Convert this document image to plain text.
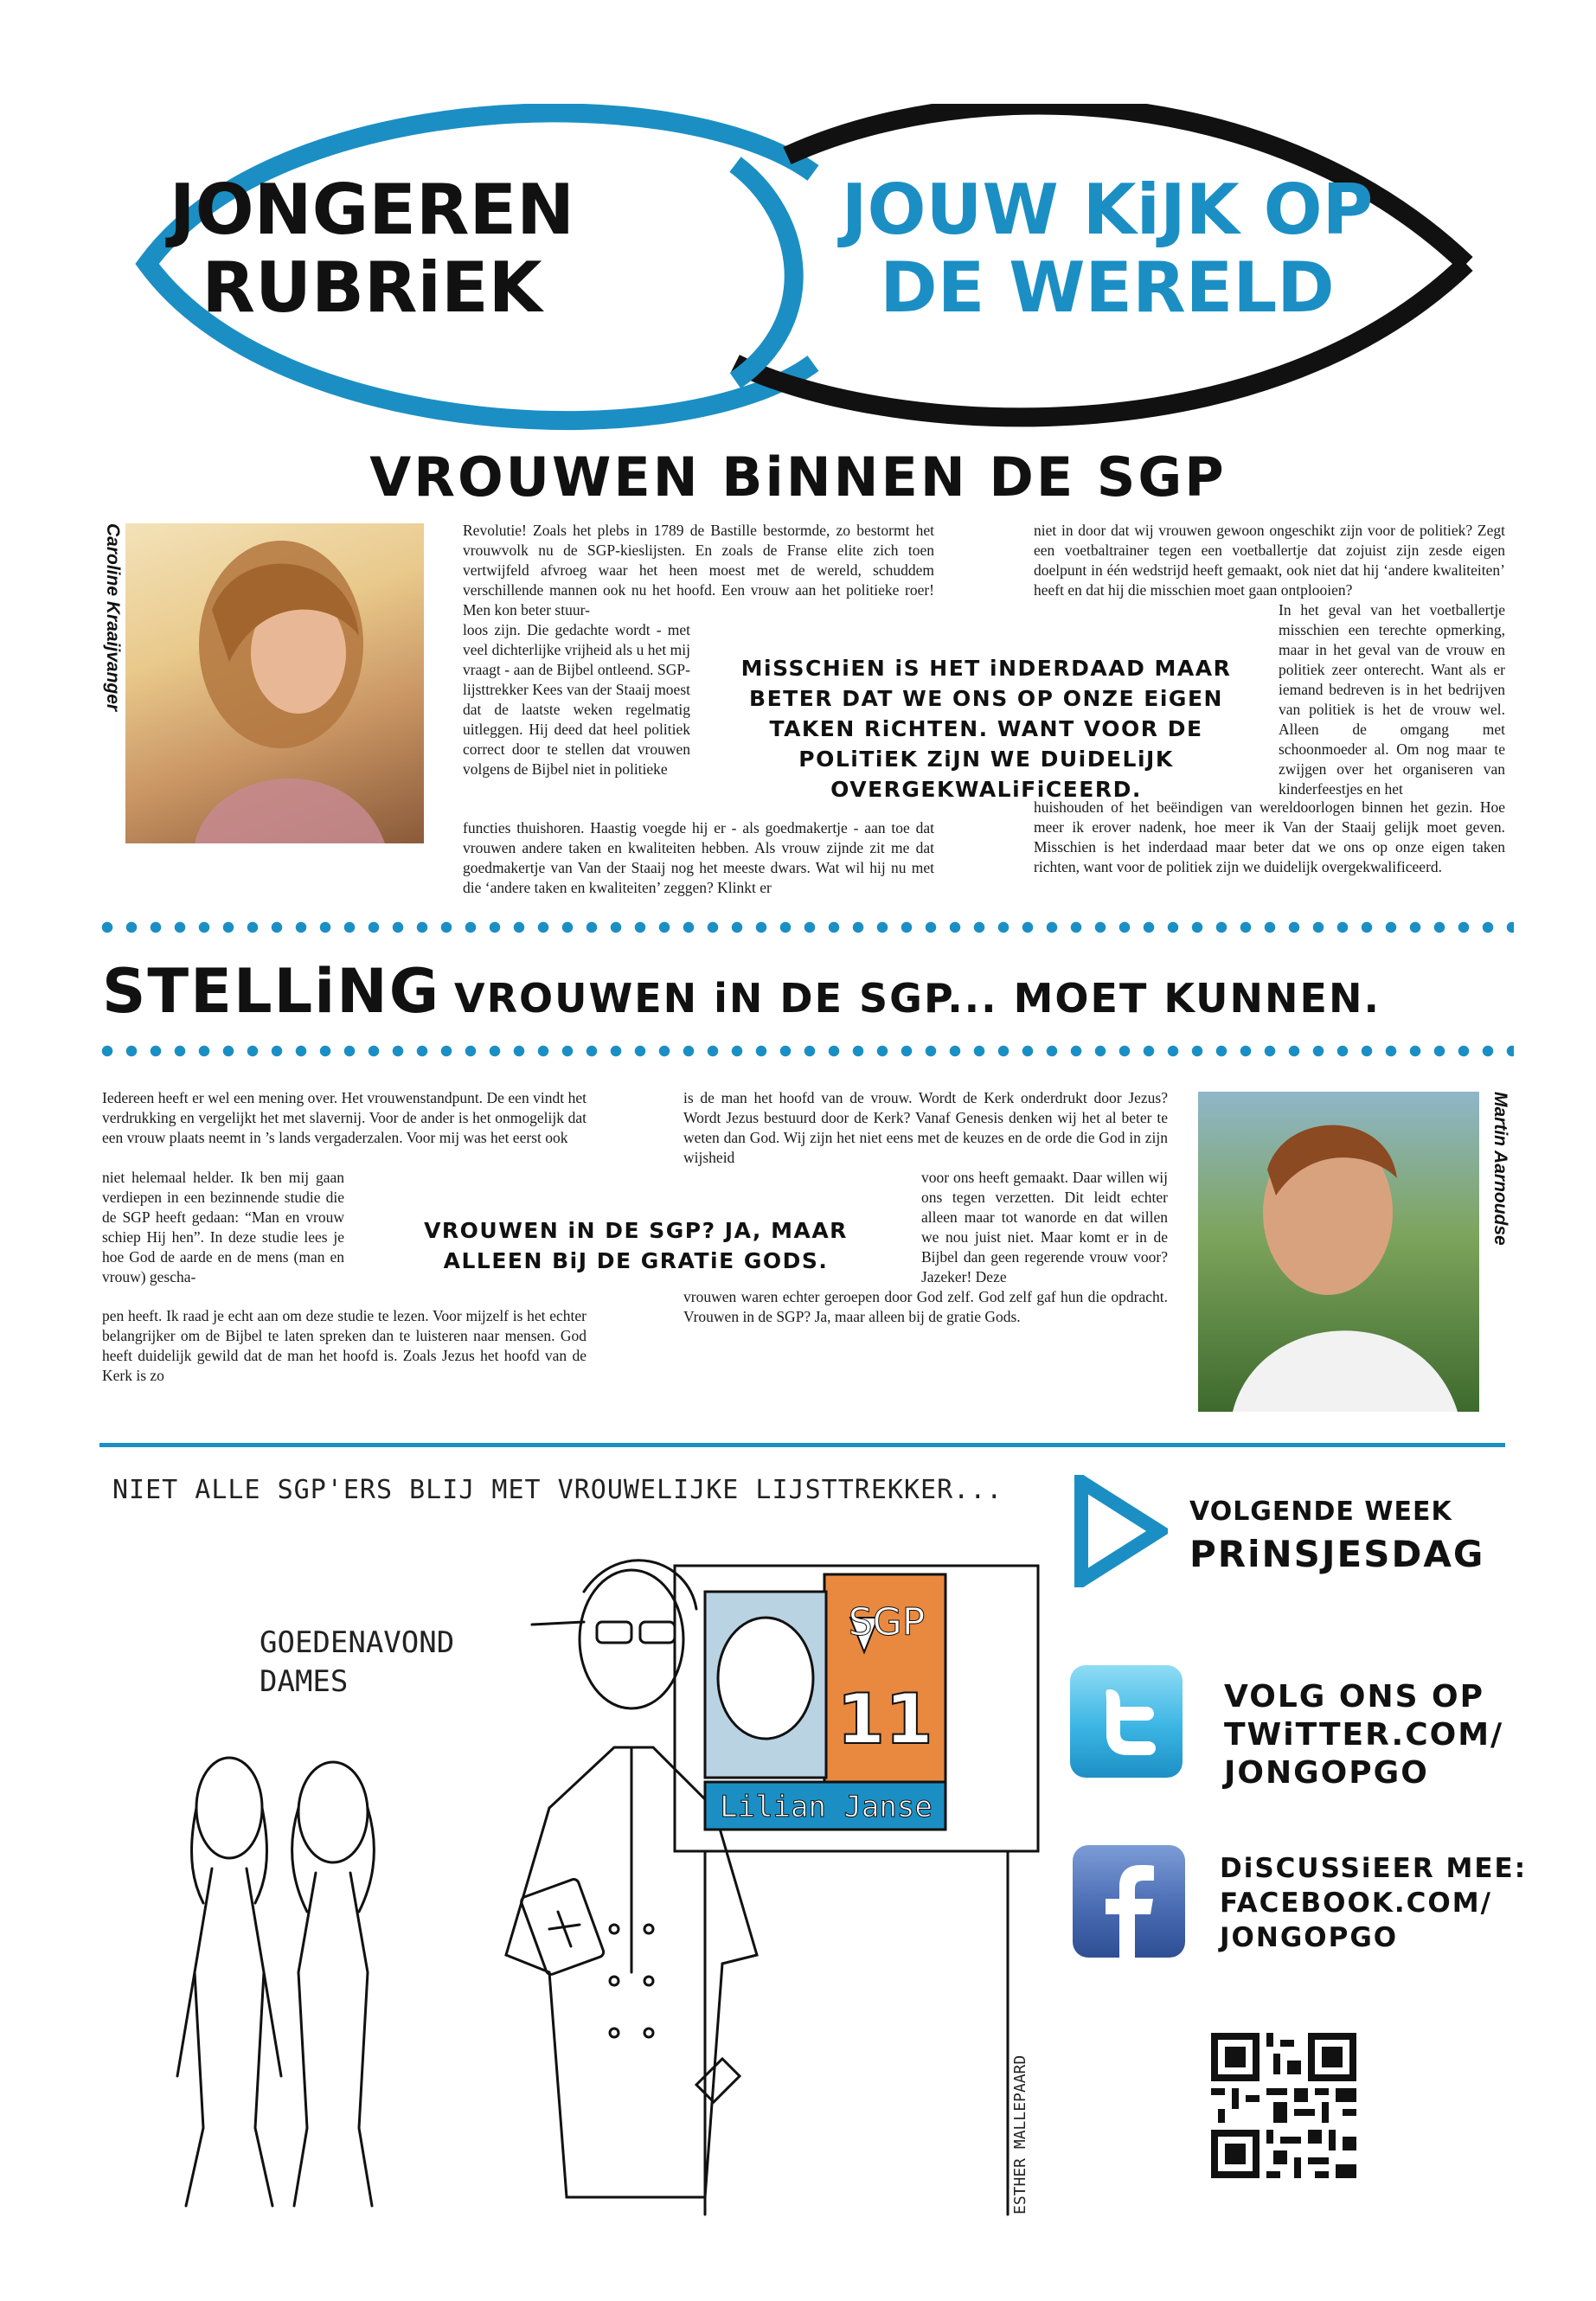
JONGEREN
RUBRiEK
JOUW KiJK OP
DE WERELD
VROUWEN BiNNEN DE SGP
Caroline Kraaijvanger	Revolutie! Zoals het plebs in 1789 de Bastille bestormde, zo bestormt het vrouwvolk nu de SGP-kieslijsten. En zoals de Franse elite zich toen vertwijfeld afvroeg waar het heen moest met de wereld, schuddem verschillende mannen ook nu het hoofd. Een vrouw aan het politieke roer! Men kon beter stuur-
loos zijn. Die gedachte wordt - met veel dichterlijke vrijheid als u het mij vraagt - aan de Bijbel ontleend. SGP-lijsttrekker Kees van der Staaij moest dat de laatste weken regelmatig uitleggen. Hij deed dat heel politiek correct door te stellen dat vrouwen volgens de Bijbel niet in politieke
functies thuishoren. Haastig voegde hij er - als goedmakertje - aan toe dat vrouwen andere taken en kwaliteiten hebben. Als vrouw zijnde zit me dat goedmakertje van Van der Staaij nog het meeste dwars. Wat wil hij nu met die ‘andere taken en kwaliteiten’ zeggen? Klinkt er
niet in door dat wij vrouwen gewoon ongeschikt zijn voor de politiek? Zegt een voetbaltrainer tegen een voetballertje dat zojuist zijn zesde eigen doelpunt in één wedstrijd heeft gemaakt, ook niet dat hij ‘andere kwaliteiten’ heeft en dat hij die misschien moet gaan ontplooien?
In het geval van het voetballertje misschien een terechte opmerking, maar in het geval van de vrouw en politiek zeer onterecht. Want als er iemand bedreven is in het bedrijven van politiek is het de vrouw wel. Alleen de omgang met schoonmoeder al. Om nog maar te zwijgen over het organiseren van kinderfeestjes en het
huishouden of het beëindigen van wereldoorlogen binnen het gezin. Hoe meer ik erover nadenk, hoe meer ik Van der Staaij gelijk moet geven. Misschien is het inderdaad maar beter dat we ons op onze eigen taken richten, want voor de politiek zijn we duidelijk overgekwalificeerd.
MiSSCHiEN iS HET iNDERDAAD MAAR BETER DAT WE ONS OP ONZE EiGEN TAKEN RiCHTEN. WANT VOOR DE POLiTiEK ZiJN WE DUiDELiJK OVERGEKWALiFiCEERD.
STELLiNG VROUWEN iN DE SGP... MOET KUNNEN.
Iedereen heeft er wel een mening over. Het vrouwenstandpunt. De een vindt het verdrukking en vergelijkt het met slavernij. Voor de ander is het onmogelijk dat een vrouw plaats neemt in ’s lands vergaderzalen. Voor mij was het eerst ook
niet helemaal helder. Ik ben mij gaan verdiepen in een bezinnende studie die de SGP heeft gedaan: “Man en vrouw schiep Hij hen”. In deze studie lees je hoe God de aarde en de mens (man en vrouw) gescha-
pen heeft. Ik raad je echt aan om deze studie te lezen. Voor mijzelf is het echter belangrijker om de Bijbel te laten spreken dan te luisteren naar mensen. God heeft duidelijk gewild dat de man het hoofd is. Zoals Jezus het hoofd van de Kerk is zo
is de man het hoofd van de vrouw. Wordt de Kerk onderdrukt door Jezus? Wordt Jezus bestuurd door de Kerk? Vanaf Genesis denken wij het al beter te weten dan God. Wij zijn het niet eens met de keuzes en de orde die God in zijn wijsheid
voor ons heeft gemaakt. Daar willen wij ons tegen verzetten. Dit leidt echter alleen maar tot wanorde en dat willen we nou juist niet. Maar komt er in de Bijbel dan geen regerende vrouw voor? Jazeker! Deze
vrouwen waren echter geroepen door God zelf. God zelf gaf hun die opdracht. Vrouwen in de SGP? Ja, maar alleen bij de gratie Gods.
VROUWEN iN DE SGP? JA, MAAR ALLEEN BiJ DE GRATiE GODS.
Martin Aarnoudse
NIET ALLE SGP'ERS BLIJ MET VROUWELIJKE LIJSTTREKKER...
SGP
11
Lilian Janse
GOEDENAVOND
DAMES
ESTHER MALLEPAARD
VOLGENDE WEEK
PRiNSJESDAG
VOLG ONS OP
TWiTTER.COM/
JONGOPGO
DiSCUSSiEER MEE:
FACEBOOK.COM/
JONGOPGO
